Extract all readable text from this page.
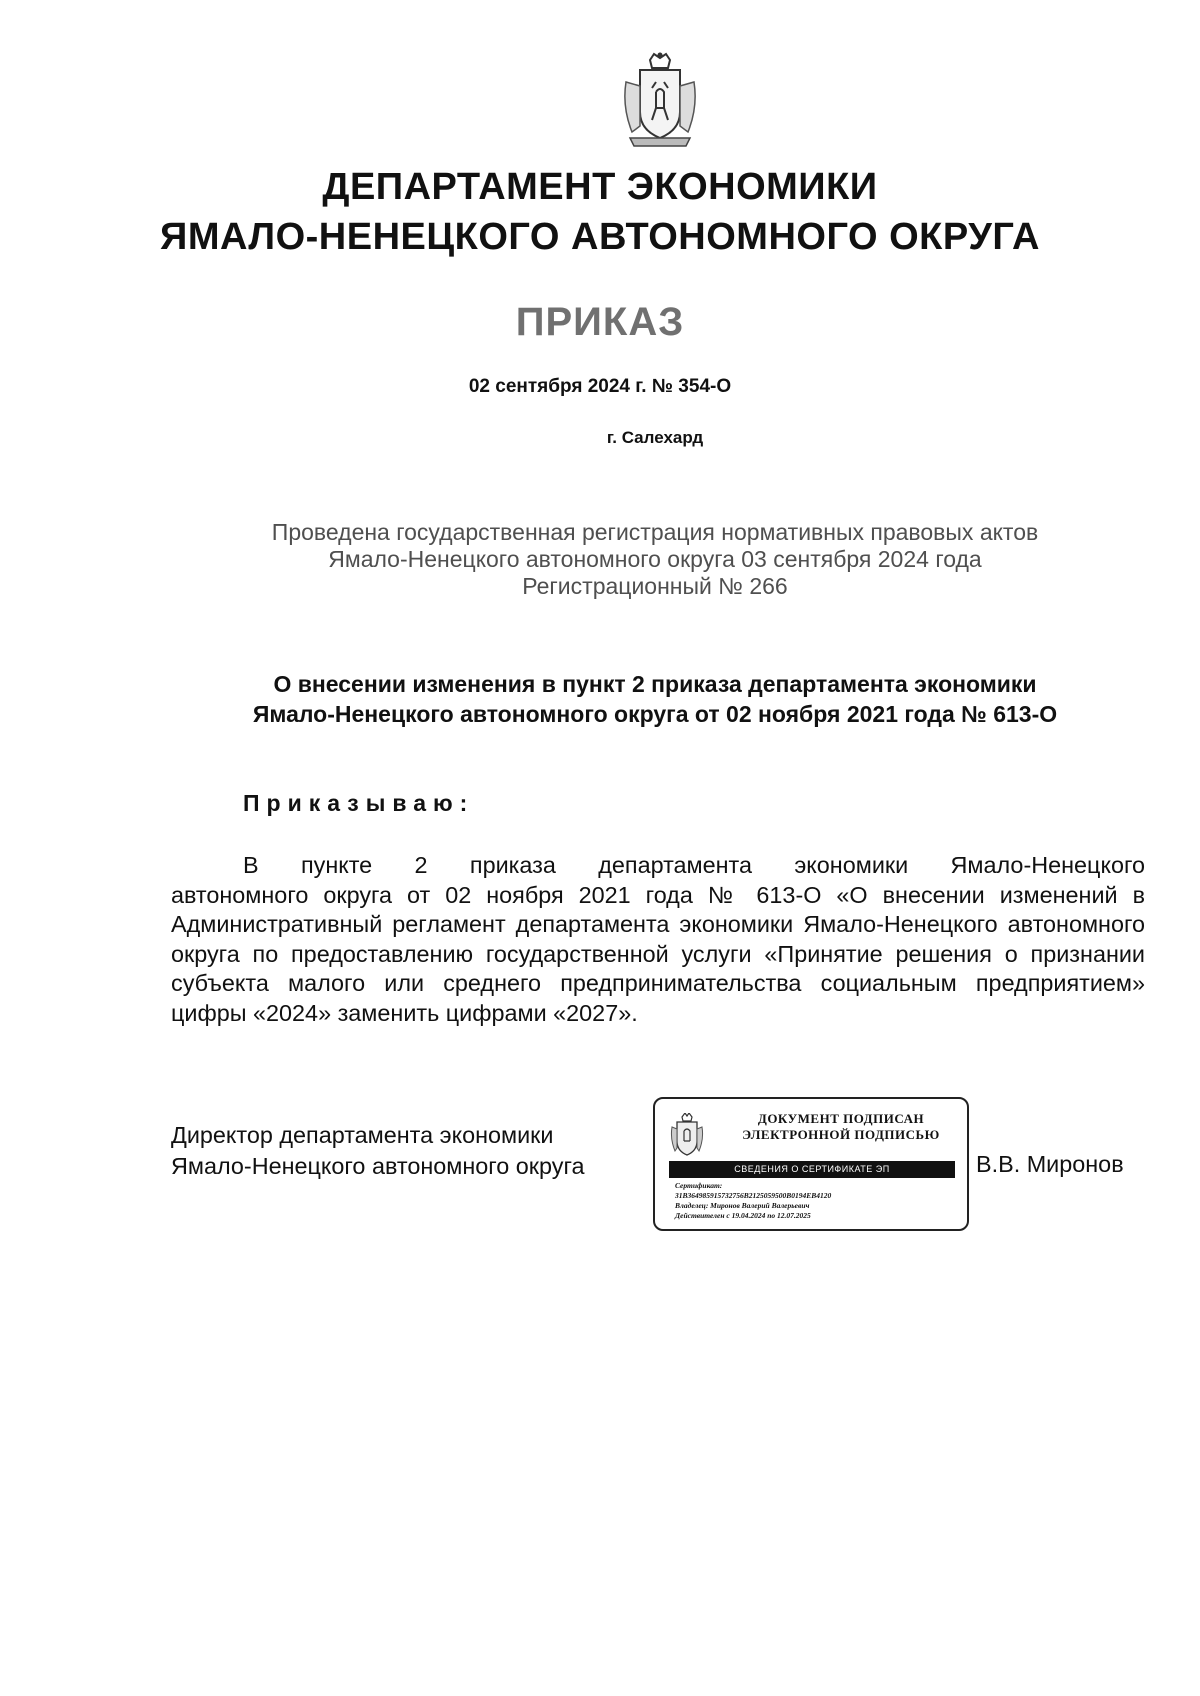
ДЕПАРТАМЕНТ ЭКОНОМИКИ
ЯМАЛО-НЕНЕЦКОГО АВТОНОМНОГО ОКРУГА
ПРИКАЗ
02 сентября 2024 г. № 354-О
г. Салехард
Проведена государственная регистрация нормативных правовых актов
Ямало-Ненецкого автономного округа 03 сентября 2024 года
Регистрационный № 266
О внесении изменения в пункт 2 приказа департамента экономики
Ямало-Ненецкого автономного округа от 02 ноября 2021 года № 613-О
Приказываю:
В пункте 2 приказа департамента экономики Ямало-Ненецкого
автономного округа от 02 ноября 2021 года № 613-О «О внесении изменений в Административный регламент департамента экономики Ямало-Ненецкого автономного округа по предоставлению государственной услуги «Принятие решения о признании субъекта малого или среднего предпринимательства социальным предприятием» цифры «2024» заменить цифрами «2027».
Директор департамента экономики
Ямало-Ненецкого автономного округа
ДОКУМЕНТ ПОДПИСАН
ЭЛЕКТРОННОЙ ПОДПИСЬЮ
СВЕДЕНИЯ О СЕРТИФИКАТЕ ЭП
Сертификат:
31B364985915732756B2125059500B0194EB4120
Владелец: Миронов Валерий Валерьевич
Действителен с 19.04.2024 по 12.07.2025
В.В. Миронов
